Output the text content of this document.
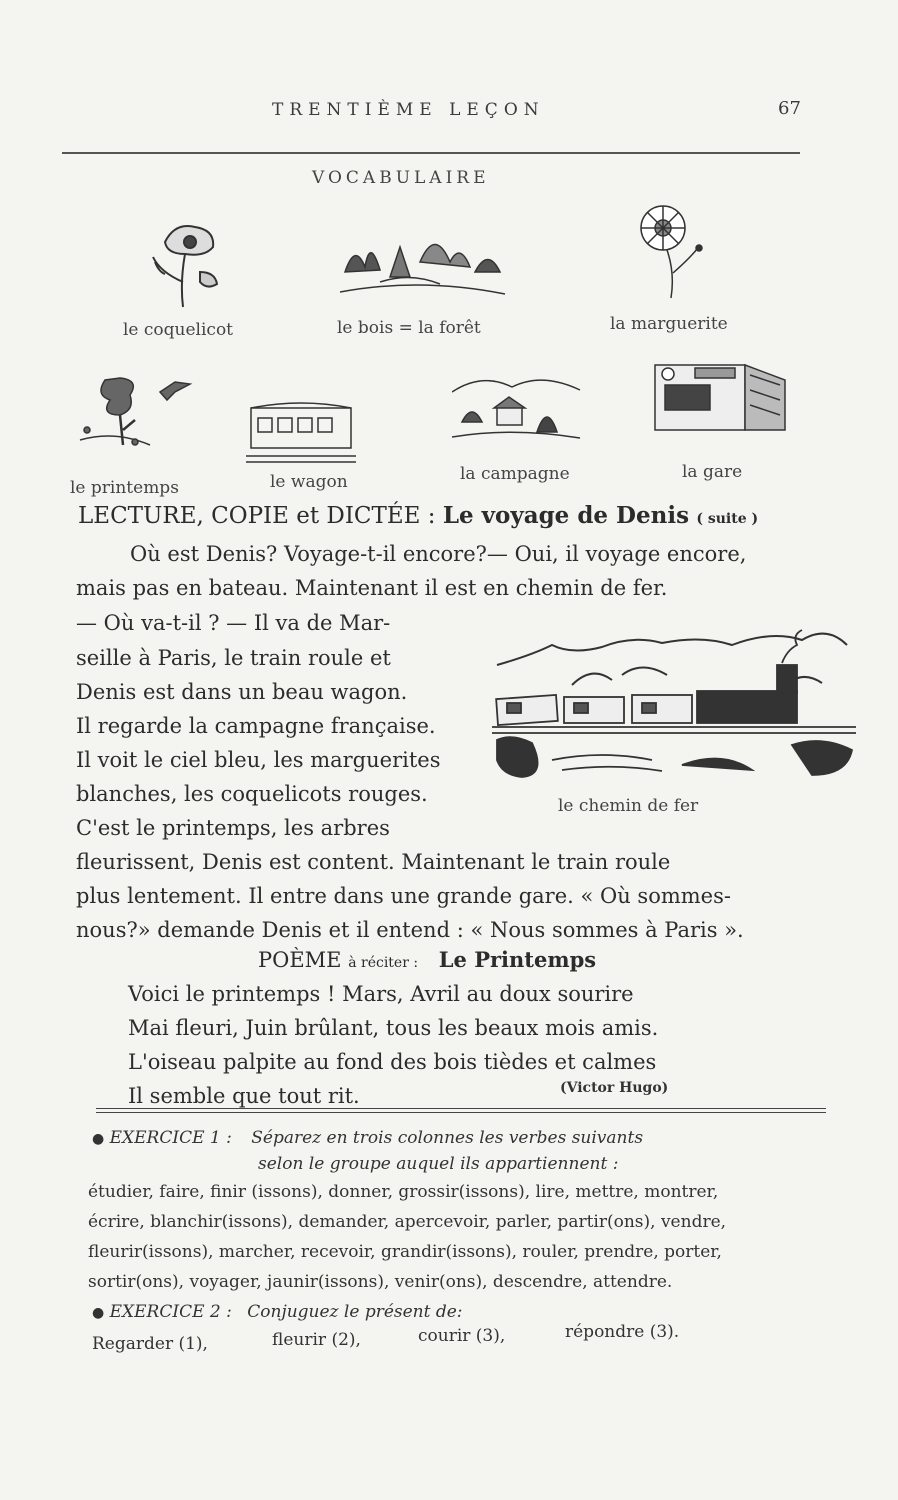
TRENTIÈME LEÇON	67
VOCABULAIRE
le coquelicot	le bois = la forêt	la marguerite
le printemps	le wagon	la campagne	la gare
LECTURE, COPIE et DICTÉE : Le voyage de Denis ( suite )
Où est Denis? Voyage-t-il encore?— Oui, il voyage encore,
mais pas en bateau. Maintenant il est en chemin de fer.
— Où va-t-il ? — Il va de Mar-
seille à Paris, le train roule et
Denis est dans un beau wagon.
Il regarde la campagne française.
Il voit le ciel bleu, les marguerites
blanches, les coquelicots rouges.
C'est le printemps, les arbres
fleurissent, Denis est content. Maintenant le train roule
plus lentement. Il entre dans une grande gare. « Où sommes-
nous?» demande Denis et il entend : « Nous sommes à Paris ».
le chemin de fer
POÈME à réciter : Le Printemps
Voici le printemps ! Mars, Avril au doux sourire
Mai fleuri, Juin brûlant, tous les beaux mois amis.
L'oiseau palpite au fond des bois tièdes et calmes
Il semble que tout rit.	(Victor Hugo)
● EXERCICE 1 : Séparez en trois colonnes les verbes suivants
selon le groupe auquel ils appartiennent :
étudier, faire, finir (issons), donner, grossir(issons), lire, mettre, montrer,
écrire, blanchir(issons), demander, apercevoir, parler, partir(ons), vendre,
fleurir(issons), marcher, recevoir, grandir(issons), rouler, prendre, porter,
sortir(ons), voyager, jaunir(issons), venir(ons), descendre, attendre.
● EXERCICE 2 : Conjuguez le présent de:
Regarder (1),	fleurir (2),	courir (3),	répondre (3).
